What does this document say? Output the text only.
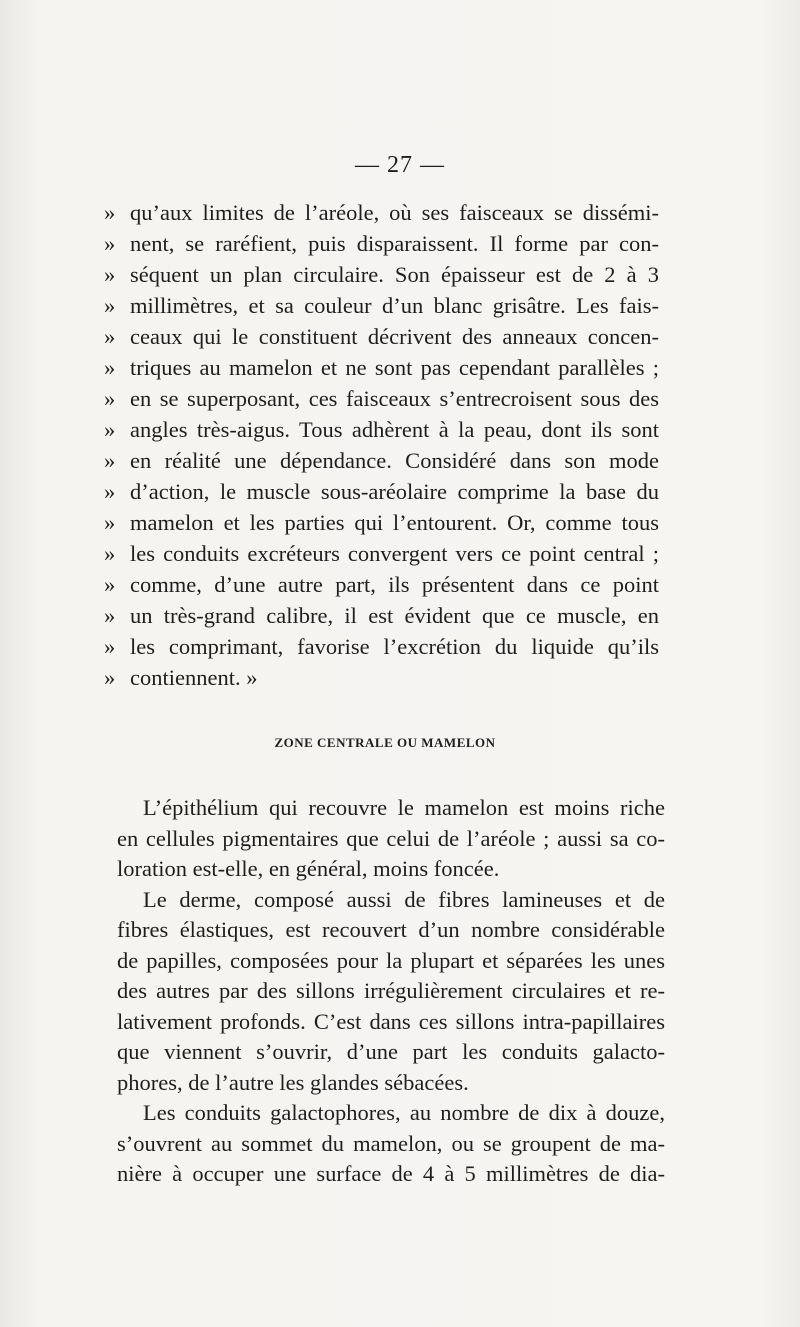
— 27 —
» qu’aux limites de l’aréole, où ses faisceaux se dissémi-
» nent, se raréfient, puis disparaissent. Il forme par con-
» séquent un plan circulaire. Son épaisseur est de 2 à 3
» millimètres, et sa couleur d’un blanc grisâtre. Les fais-
» ceaux qui le constituent décrivent des anneaux concen-
» triques au mamelon et ne sont pas cependant parallèles ;
» en se superposant, ces faisceaux s’entrecroisent sous des
» angles très-aigus. Tous adhèrent à la peau, dont ils sont
» en réalité une dépendance. Considéré dans son mode
» d’action, le muscle sous-aréolaire comprime la base du
» mamelon et les parties qui l’entourent. Or, comme tous
» les conduits excréteurs convergent vers ce point central ;
» comme, d’une autre part, ils présentent dans ce point
» un très-grand calibre, il est évident que ce muscle, en
» les comprimant, favorise l’excrétion du liquide qu’ils
» contiennent. »
ZONE CENTRALE OU MAMELON
L’épithélium qui recouvre le mamelon est moins riche
en cellules pigmentaires que celui de l’aréole ; aussi sa co-
loration est-elle, en général, moins foncée.
Le derme, composé aussi de fibres lamineuses et de
fibres élastiques, est recouvert d’un nombre considérable
de papilles, composées pour la plupart et séparées les unes
des autres par des sillons irrégulièrement circulaires et re-
lativement profonds. C’est dans ces sillons intra-papillaires
que viennent s’ouvrir, d’une part les conduits galacto-
phores, de l’autre les glandes sébacées.
Les conduits galactophores, au nombre de dix à douze,
s’ouvrent au sommet du mamelon, ou se groupent de ma-
nière à occuper une surface de 4 à 5 millimètres de dia-
